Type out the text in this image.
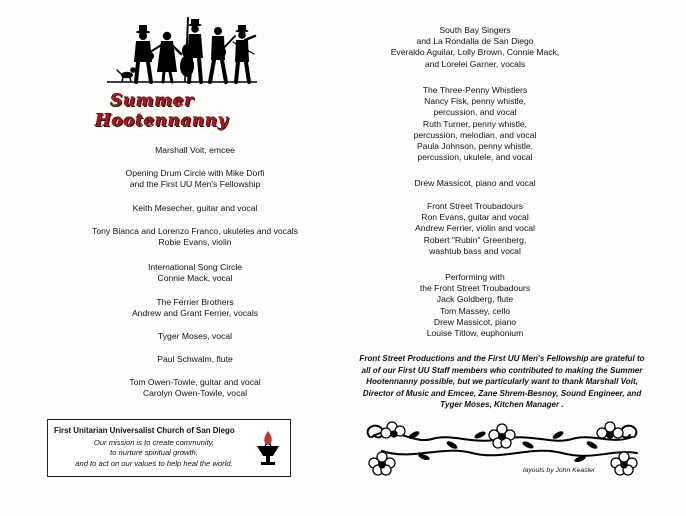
Summer
Hootennanny
Marshall Voit, emcee
Opening Drum Circle with Mike Dorfi
and the First UU Men's Fellowship
Keith Mesecher, guitar and vocal
Tony Bianca and Lorenzo Franco, ukuleles and vocals
Robie Evans, violin
International Song Circle
Connie Mack, vocal
The Ferrier Brothers
Andrew and Grant Ferrier, vocals
Tyger Moses, vocal
Paul Schwalm, flute
Tom Owen-Towle, guitar and vocal
Carolyn Owen-Towle, vocal
First Unitarian Universalist Church of San Diego
Our mission is to create community,
to nurture spiritual growth,
and to act on our values to help heal the world.
South Bay Singers
and La Rondalla de San Diego
Everaldo Aguilar, Lolly Brown, Connie Mack,
and Lorelei Garner, vocals
The Three-Penny Whistlers
Nancy Fisk, penny whistle,
percussion, and vocal
Ruth Turner, penny whistle,
percussion, melodian, and vocal
Paula Johnson, penny whistle,
percussion, ukulele, and vocal
Drew Massicot, piano and vocal
Front Street Troubadours
Ron Evans, guitar and vocal
Andrew Ferrier, violin and vocal
Robert "Rubin" Greenberg,
washtub bass and vocal
Performing with
the Front Street Troubadours
Jack Goldberg, flute
Tom Massey, cello
Drew Massicot, piano
Louise Titlow, euphonium
Front Street Productions and the First UU Men's Fellowship are grateful to
all of our First UU Staff members who contributed to making the Summer
Hootennanny possible, but we particularly want to thank Marshall Voit,
Director of Music and Emcee, Zane Shrem-Besnoy, Sound Engineer, and
Tyger Moses, Kitchen Manager .
layouts by John Keasler
